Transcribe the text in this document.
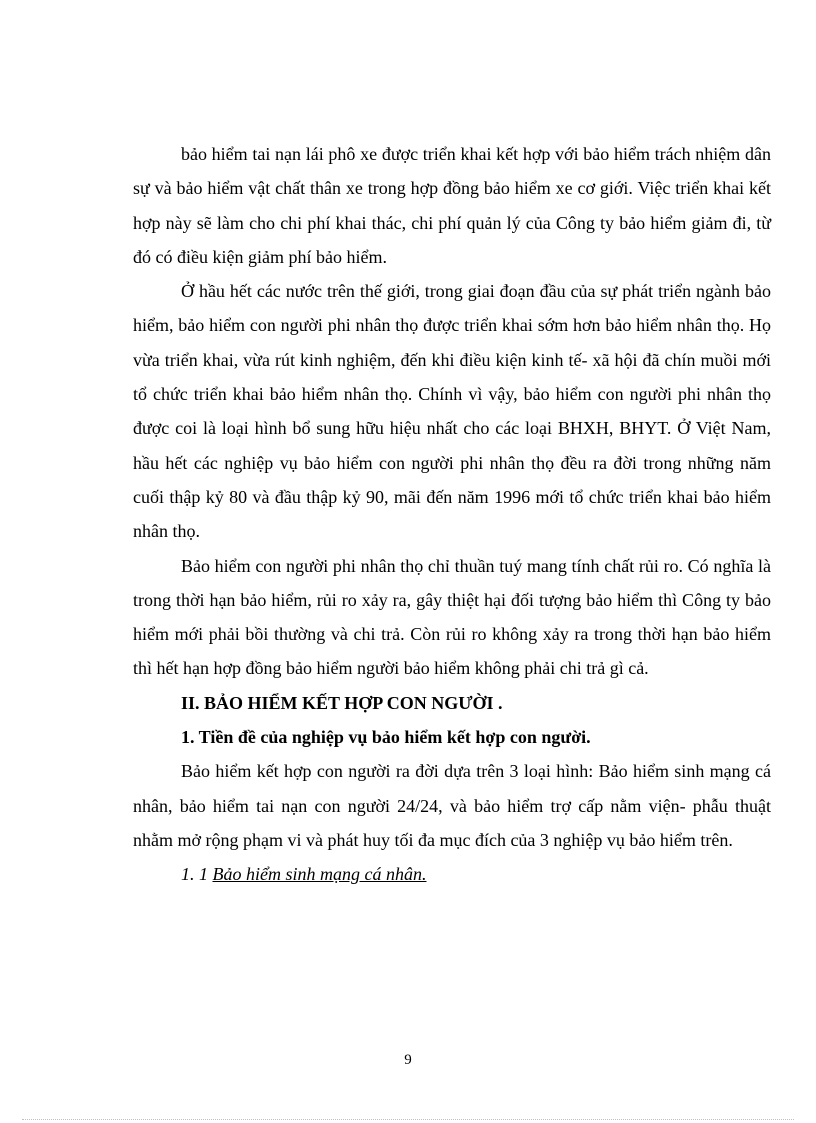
bảo hiểm tai nạn lái phô xe được triển khai kết hợp với bảo hiểm trách nhiệm dân sự và bảo hiểm vật chất thân xe trong hợp đồng bảo hiểm xe cơ giới. Việc triển khai kết hợp này sẽ làm cho chi phí khai thác, chi phí quản lý của Công ty bảo hiểm giảm đi, từ đó có điều kiện giảm phí bảo hiểm.

Ở hầu hết các nước trên thế giới, trong giai đoạn đầu của sự phát triển ngành bảo hiểm, bảo hiểm con người phi nhân thọ được triển khai sớm hơn bảo hiểm nhân thọ. Họ vừa triển khai, vừa rút kinh nghiệm, đến khi điều kiện kinh tế- xã hội đã chín muồi mới tổ chức triển khai bảo hiểm nhân thọ. Chính vì vậy, bảo hiểm con người phi nhân thọ được coi là loại hình bổ sung hữu hiệu nhất cho các loại BHXH, BHYT. Ở Việt Nam, hầu hết các nghiệp vụ bảo hiểm con người phi nhân thọ đều ra đời trong những năm cuối thập kỷ 80 và đầu thập kỷ 90, mãi đến năm 1996 mới tổ chức triển khai bảo hiểm nhân thọ.

Bảo hiểm con người phi nhân thọ chỉ thuần tuý mang tính chất rủi ro. Có nghĩa là trong thời hạn bảo hiểm, rủi ro xảy ra, gây thiệt hại đối tượng bảo hiểm thì Công ty bảo hiểm mới phải bồi thường và chi trả. Còn rủi ro không xảy ra trong thời hạn bảo hiểm thì hết hạn hợp đồng bảo hiểm người bảo hiểm không phải chi trả gì cả.

II. BẢO HIỂM KẾT HỢP CON NGƯỜI .

1. Tiền đề của nghiệp vụ bảo hiểm kết hợp con người.

Bảo hiểm kết hợp con người ra đời dựa trên 3 loại hình: Bảo hiểm sinh mạng cá nhân, bảo hiểm tai nạn con người 24/24, và bảo hiểm trợ cấp nằm viện- phẫu thuật nhằm mở rộng phạm vi và phát huy tối đa mục đích của 3 nghiệp vụ bảo hiểm trên.

1. 1 Bảo hiểm sinh mạng cá nhân.

9
